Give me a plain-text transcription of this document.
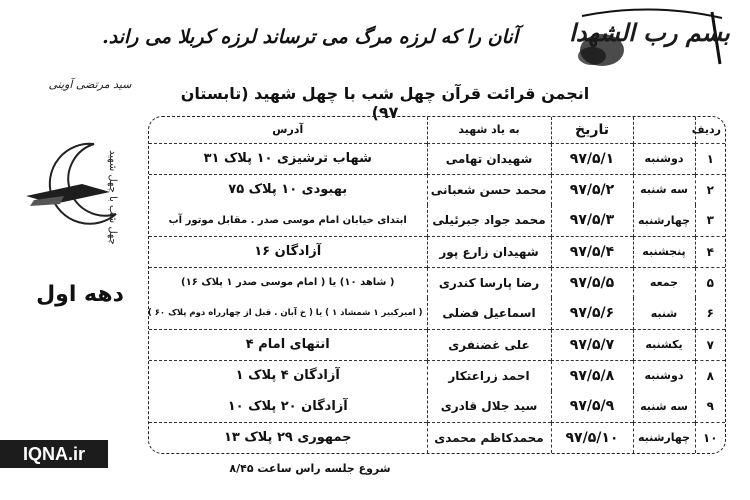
آنان را که لرزه مرگ می ترساند لرزه کربلا می راند.
سید مرتضی آوینی
بسم رب الشهدا
انجمن قرائت قرآن چهل شب با چهل شهید (تابستان ۹۷)
چهل شب با چهل شهید
دهه اول
IQNA.ir
ردیف		تاریخ	به یاد شهید	آدرس
۱	دوشنبه	۹۷/۵/۱	شهیدان تهامی	شهاب ترشیزی ۱۰ پلاک ۳۱
۲	سه شنبه	۹۷/۵/۲	محمد حسن شعبانی	بهبودی ۱۰ پلاک ۷۵
۳	چهارشنبه	۹۷/۵/۳	محمد جواد جبرئیلی	ابتدای خیابان امام موسی صدر . مقابل موتور آب
۴	پنجشنبه	۹۷/۵/۴	شهیدان زارع پور	آزادگان ۱۶
۵	جمعه	۹۷/۵/۵	رضا پارسا کندری	( شاهد ۱۰) یا ( امام موسی صدر ۱ پلاک ۱۶)
۶	شنبه	۹۷/۵/۶	اسماعیل فضلی	( امیرکبیر ۱ شمشاد ۱ ) یا ( خ آبان . قبل از چهارراه دوم پلاک ۶۰ )
۷	یکشنبه	۹۷/۵/۷	علی غضنفری	انتهای امام ۴
۸	دوشنبه	۹۷/۵/۸	احمد زراعتکار	آزادگان ۴ پلاک ۱
۹	سه شنبه	۹۷/۵/۹	سید جلال قادری	آزادگان ۲۰ پلاک ۱۰
۱۰	چهارشنبه	۹۷/۵/۱۰	محمدکاظم محمدی	جمهوری ۲۹ پلاک ۱۳
شروع جلسه راس ساعت ۸/۴۵
